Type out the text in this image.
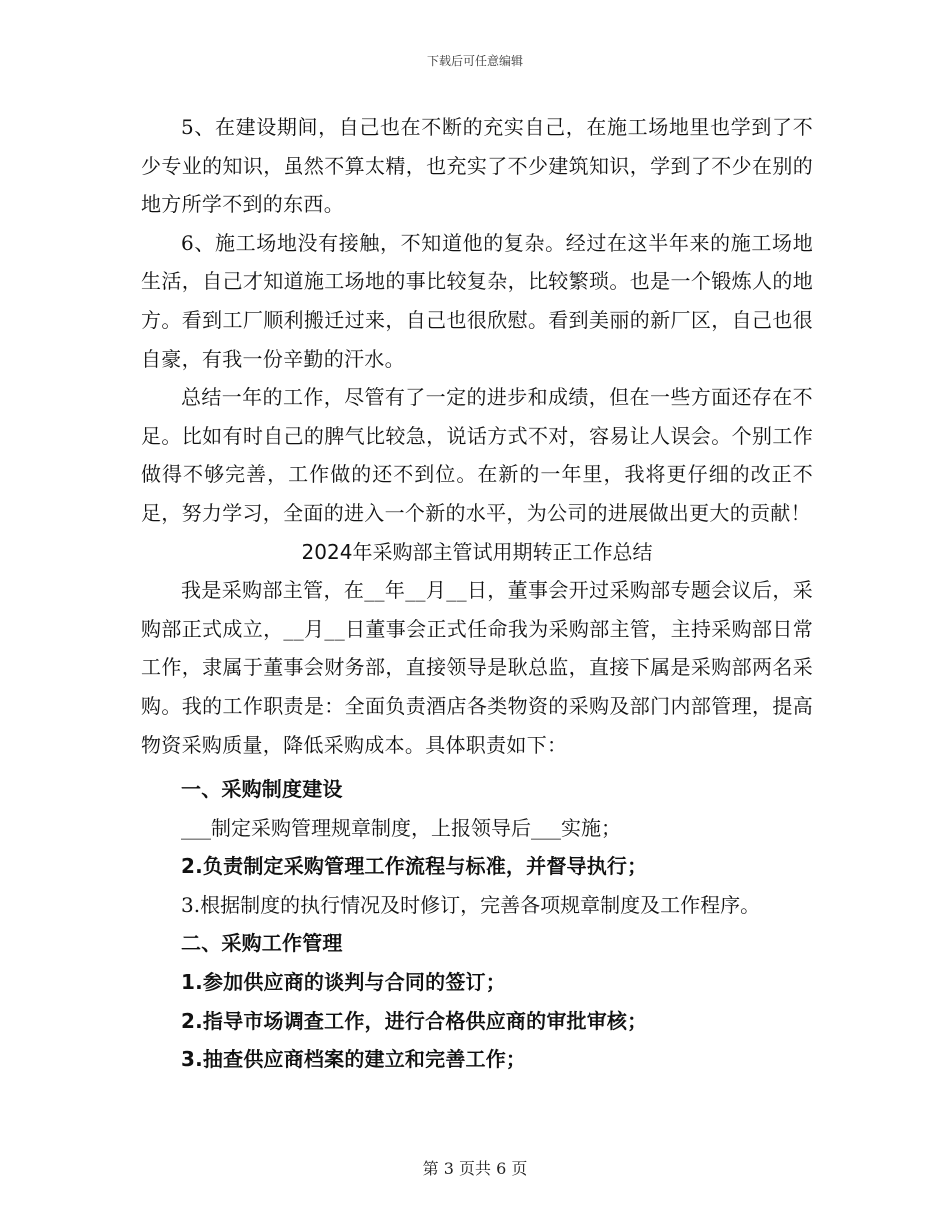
下载后可任意编辑

5、在建设期间，自己也在不断的充实自己，在施工场地里也学到了不少专业的知识，虽然不算太精，也充实了不少建筑知识，学到了不少在别的地方所学不到的东西。

6、施工场地没有接触，不知道他的复杂。经过在这半年来的施工场地生活，自己才知道施工场地的事比较复杂，比较繁琐。也是一个锻炼人的地方。看到工厂顺利搬迁过来，自己也很欣慰。看到美丽的新厂区，自己也很自豪，有我一份辛勤的汗水。

总结一年的工作，尽管有了一定的进步和成绩，但在一些方面还存在不足。比如有时自己的脾气比较急，说话方式不对，容易让人误会。个别工作做得不够完善，工作做的还不到位。在新的一年里，我将更仔细的改正不足，努力学习，全面的进入一个新的水平，为公司的进展做出更大的贡献！

2024年采购部主管试用期转正工作总结

我是采购部主管，在__年__月__日，董事会开过采购部专题会议后，采购部正式成立，__月__日董事会正式任命我为采购部主管，主持采购部日常工作，隶属于董事会财务部，直接领导是耿总监，直接下属是采购部两名采购。我的工作职责是：全面负责酒店各类物资的采购及部门内部管理，提高物资采购质量，降低采购成本。具体职责如下：

一、采购制度建设

___制定采购管理规章制度，上报领导后___实施；

2.负责制定采购管理工作流程与标准，并督导执行；

3.根据制度的执行情况及时修订，完善各项规章制度及工作程序。

二、采购工作管理

1.参加供应商的谈判与合同的签订；

2.指导市场调查工作，进行合格供应商的审批审核；

3.抽查供应商档案的建立和完善工作；

第 3 页共 6 页
